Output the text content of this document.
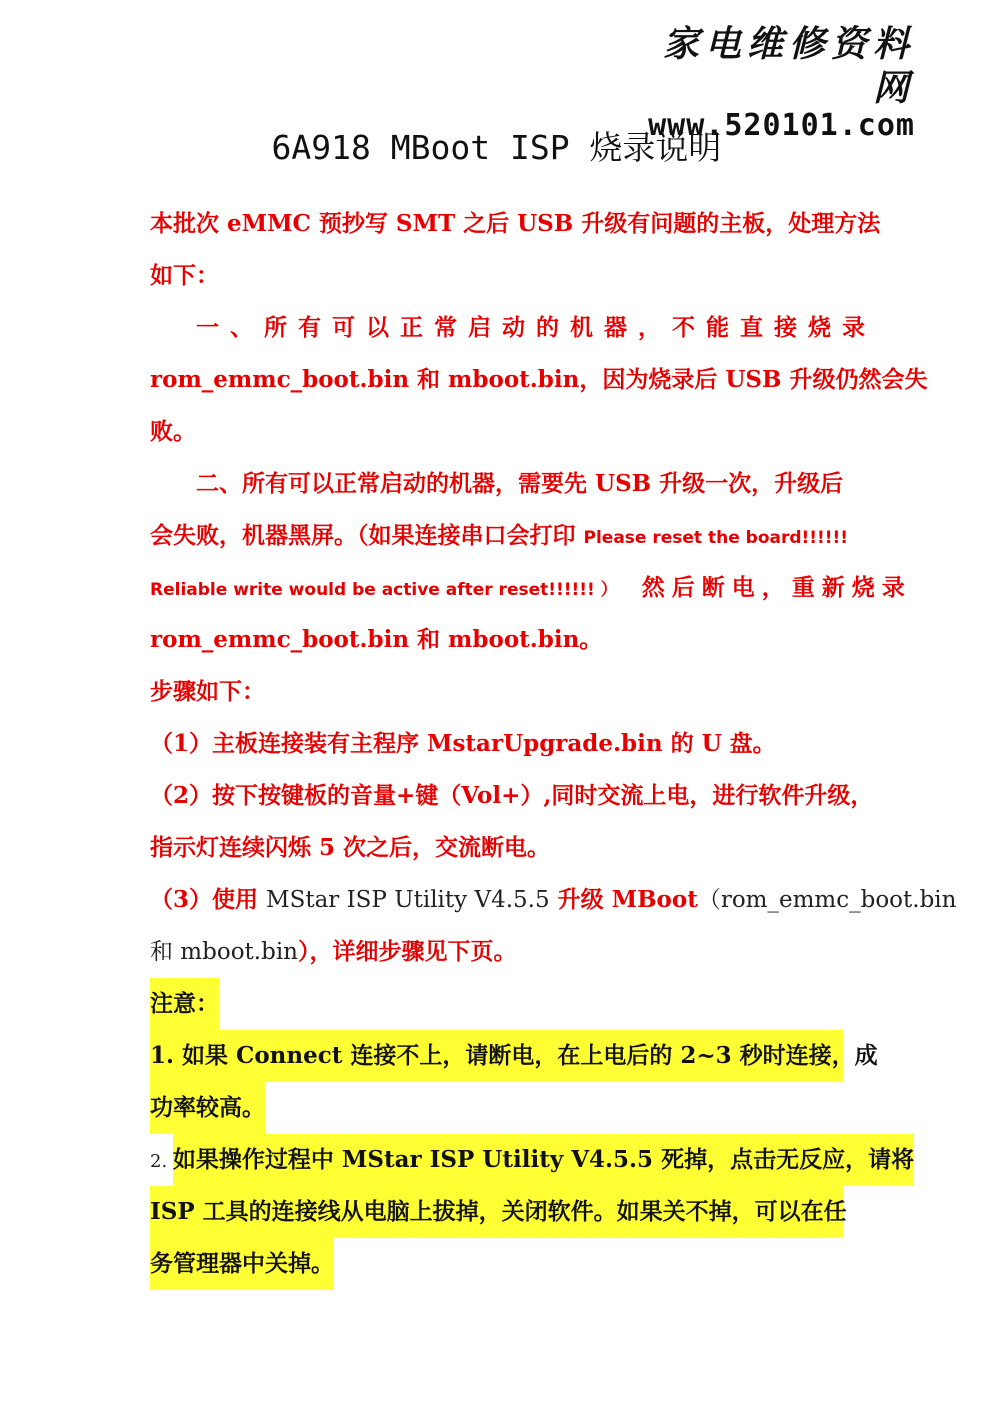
家电维修资料网
www.520101.com
6A918 MBoot ISP 烧录说明
本批次 eMMC 预抄写 SMT 之后 USB 升级有问题的主板，处理方法
如下：
一、所有可以正常启动的机器，不能直接烧录
rom_emmc_boot.bin 和 mboot.bin，因为烧录后 USB 升级仍然会失
败。
二、所有可以正常启动的机器，需要先 USB 升级一次，升级后
会失败，机器黑屏。（如果连接串口会打印 Please reset the board!!!!!!
Reliable write would be active after reset!!!!!! ） 然后断电，重新烧录
rom_emmc_boot.bin 和 mboot.bin。
步骤如下：
（1）主板连接装有主程序 MstarUpgrade.bin 的 U 盘。
（2）按下按键板的音量+键（Vol+）,同时交流上电，进行软件升级，
指示灯连续闪烁 5 次之后，交流断电。
（3）使用 MStar ISP Utility V4.5.5 升级 MBoot（rom_emmc_boot.bin
和 mboot.bin），详细步骤见下页。
注意：
1. 如果 Connect 连接不上，请断电，在上电后的 2~3 秒时连接，成
功率较高。
2. 如果操作过程中 MStar ISP Utility V4.5.5 死掉，点击无反应，请将
ISP 工具的连接线从电脑上拔掉，关闭软件。如果关不掉，可以在任
务管理器中关掉。
